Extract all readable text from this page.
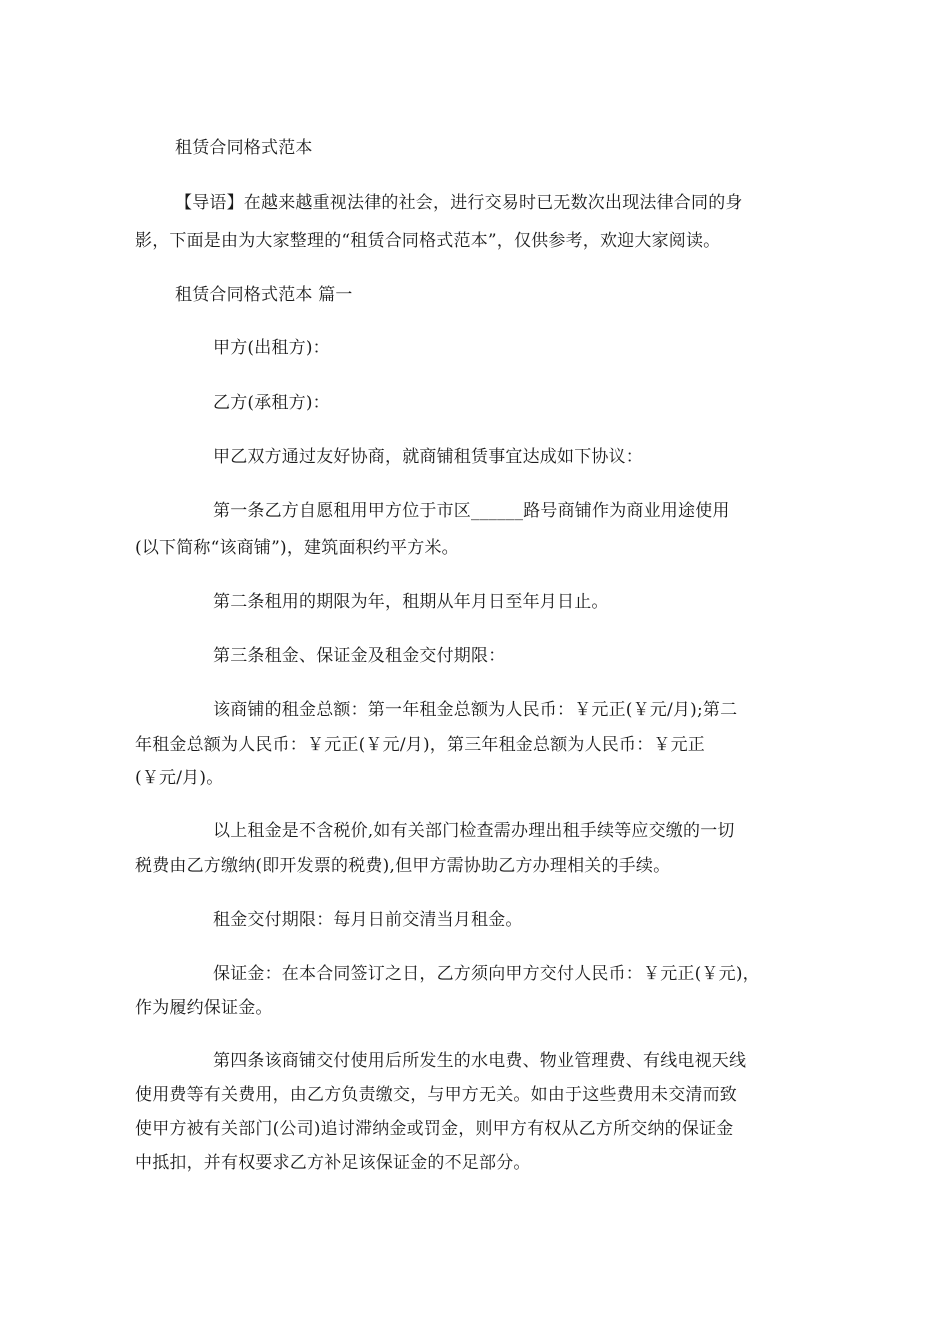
租赁合同格式范本
【导语】在越来越重视法律的社会，进行交易时已无数次出现法律合同的身
影，下面是由为大家整理的“租赁合同格式范本”，仅供参考，欢迎大家阅读。
租赁合同格式范本 篇一
甲方(出租方)：
乙方(承租方)：
甲乙双方通过友好协商，就商铺租赁事宜达成如下协议：
第一条乙方自愿租用甲方位于市区______路号商铺作为商业用途使用
(以下简称“该商铺”)，建筑面积约平方米。
第二条租用的期限为年，租期从年月日至年月日止。
第三条租金、保证金及租金交付期限：
该商铺的租金总额：第一年租金总额为人民币：￥元正(￥元/月);第二
年租金总额为人民币：￥元正(￥元/月)，第三年租金总额为人民币：￥元正
(￥元/月)。
以上租金是不含税价,如有关部门检查需办理出租手续等应交缴的一切
税费由乙方缴纳(即开发票的税费),但甲方需协助乙方办理相关的手续。
租金交付期限：每月日前交清当月租金。
保证金：在本合同签订之日，乙方须向甲方交付人民币：￥元正(￥元)，
作为履约保证金。
第四条该商铺交付使用后所发生的水电费、物业管理费、有线电视天线
使用费等有关费用，由乙方负责缴交，与甲方无关。如由于这些费用未交清而致
使甲方被有关部门(公司)追讨滞纳金或罚金，则甲方有权从乙方所交纳的保证金
中抵扣，并有权要求乙方补足该保证金的不足部分。
